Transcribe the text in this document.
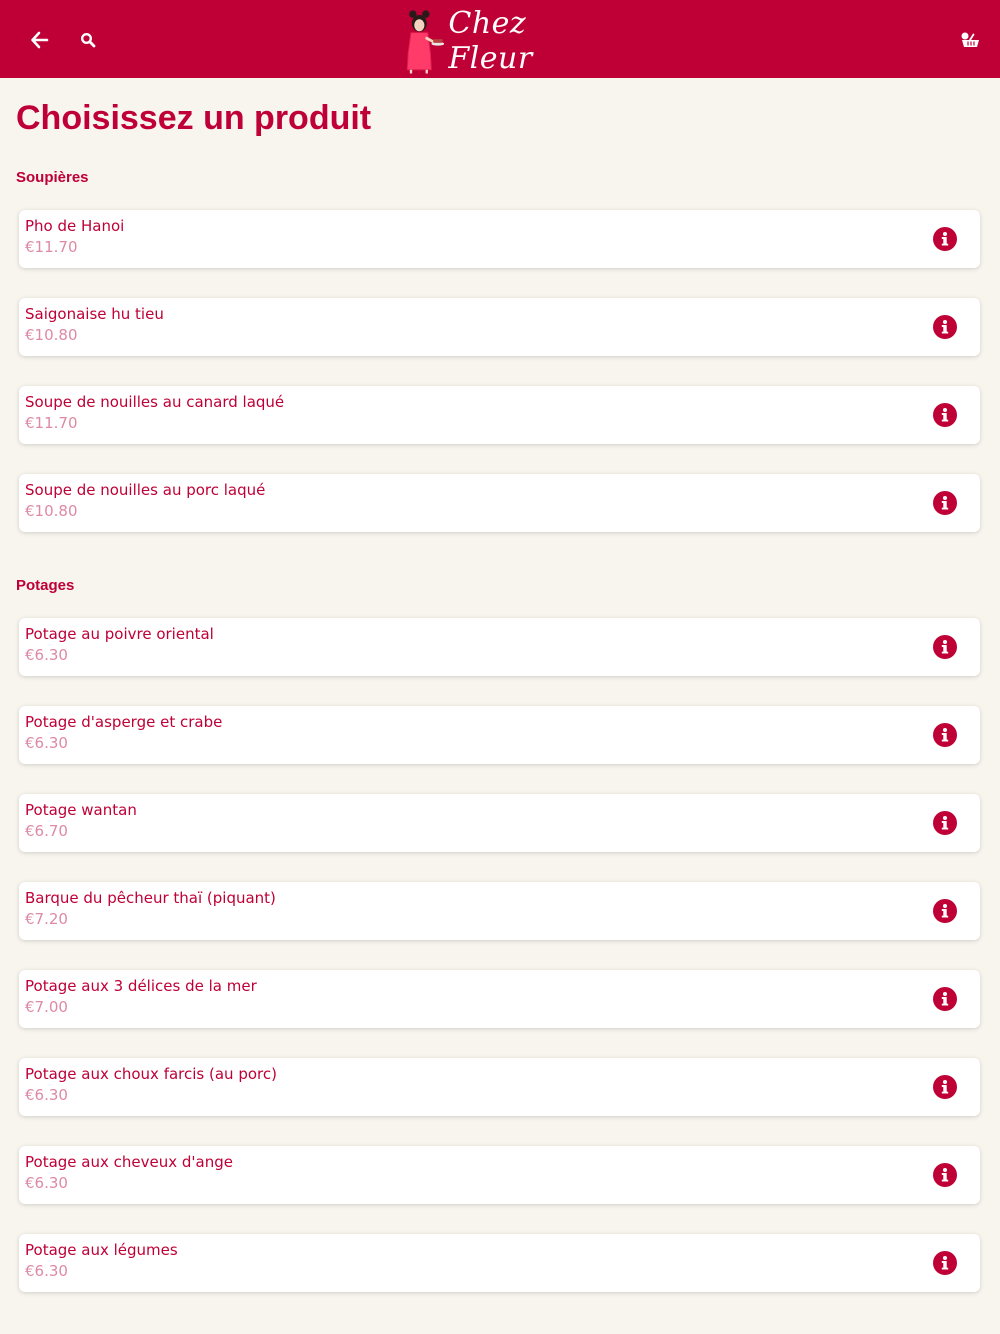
Chez Fleur
Choisissez un produit
Soupières
Pho de Hanoi
€11.70
Saigonaise hu tieu
€10.80
Soupe de nouilles au canard laqué
€11.70
Soupe de nouilles au porc laqué
€10.80
Potages
Potage au poivre oriental
€6.30
Potage d'asperge et crabe
€6.30
Potage wantan
€6.70
Barque du pêcheur thaï (piquant)
€7.20
Potage aux 3 délices de la mer
€7.00
Potage aux choux farcis (au porc)
€6.30
Potage aux cheveux d'ange
€6.30
Potage aux légumes
€6.30
